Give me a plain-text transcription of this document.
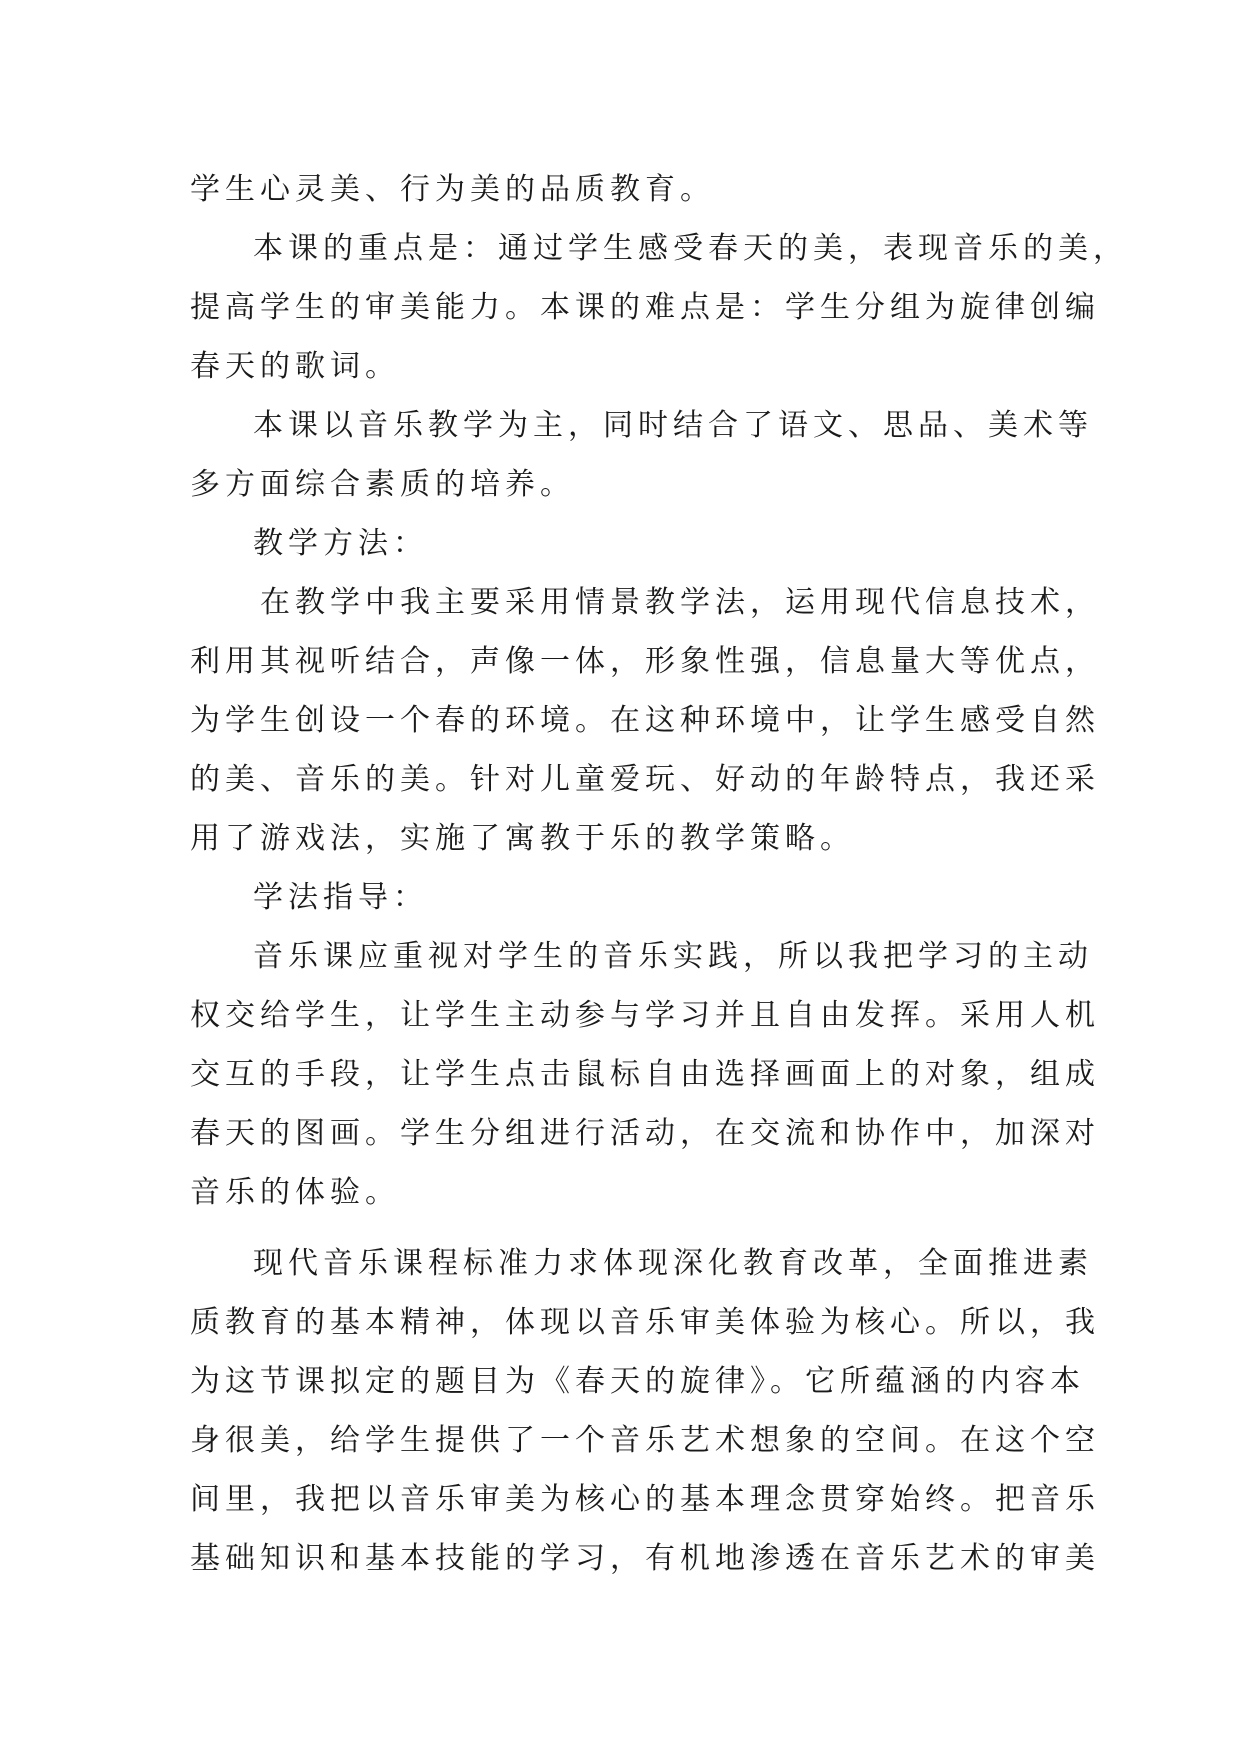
学生心灵美、行为美的品质教育。
本课的重点是：通过学生感受春天的美，表现音乐的美，
提高学生的审美能力。本课的难点是：学生分组为旋律创编
春天的歌词。
本课以音乐教学为主，同时结合了语文、思品、美术等
多方面综合素质的培养。
教学方法：
在教学中我主要采用情景教学法，运用现代信息技术，
利用其视听结合，声像一体，形象性强，信息量大等优点，
为学生创设一个春的环境。在这种环境中，让学生感受自然
的美、音乐的美。针对儿童爱玩、好动的年龄特点，我还采
用了游戏法，实施了寓教于乐的教学策略。
学法指导：
音乐课应重视对学生的音乐实践，所以我把学习的主动
权交给学生，让学生主动参与学习并且自由发挥。采用人机
交互的手段，让学生点击鼠标自由选择画面上的对象，组成
春天的图画。学生分组进行活动，在交流和协作中，加深对
音乐的体验。
现代音乐课程标准力求体现深化教育改革，全面推进素
质教育的基本精神，体现以音乐审美体验为核心。所以，我
为这节课拟定的题目为《春天的旋律》。它所蕴涵的内容本
身很美，给学生提供了一个音乐艺术想象的空间。在这个空
间里，我把以音乐审美为核心的基本理念贯穿始终。把音乐
基础知识和基本技能的学习，有机地渗透在音乐艺术的审美
